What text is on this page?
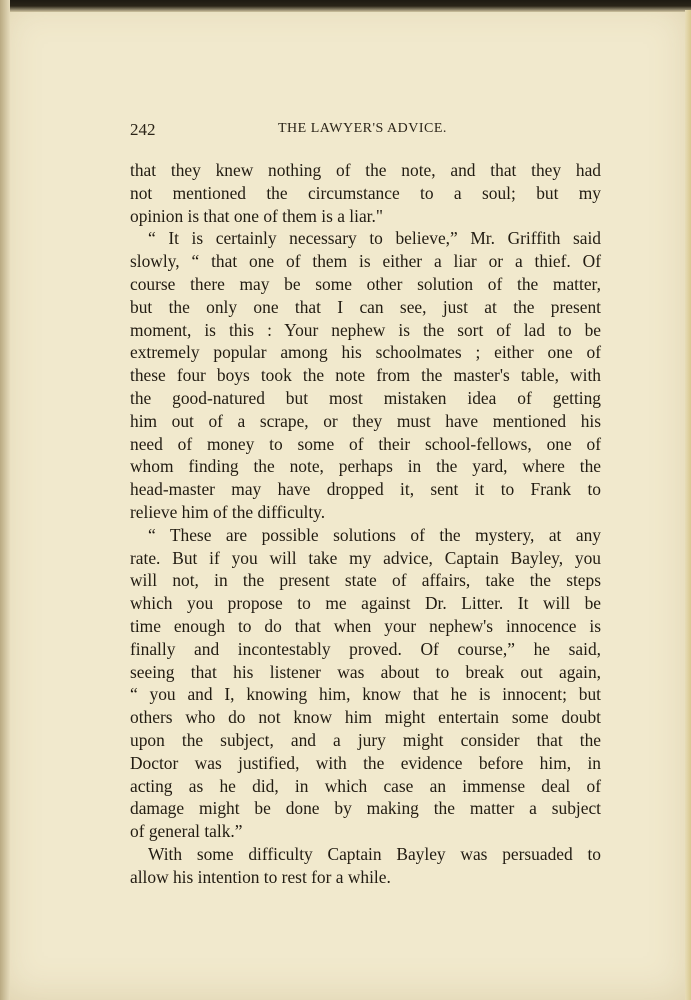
242	THE LAWYER'S ADVICE.
that they knew nothing of the note, and that they had
not mentioned the circumstance to a soul; but my
opinion is that one of them is a liar."
“ It is certainly necessary to believe,” Mr. Griffith said
slowly, “ that one of them is either a liar or a thief. Of
course there may be some other solution of the matter,
but the only one that I can see, just at the present
moment, is this : Your nephew is the sort of lad to be
extremely popular among his schoolmates ; either one of
these four boys took the note from the master's table, with
the good-natured but most mistaken idea of getting
him out of a scrape, or they must have mentioned his
need of money to some of their school-fellows, one of
whom finding the note, perhaps in the yard, where the
head-master may have dropped it, sent it to Frank to
relieve him of the difficulty.
“ These are possible solutions of the mystery, at any
rate. But if you will take my advice, Captain Bayley, you
will not, in the present state of affairs, take the steps
which you propose to me against Dr. Litter. It will be
time enough to do that when your nephew's innocence is
finally and incontestably proved. Of course,” he said,
seeing that his listener was about to break out again,
“ you and I, knowing him, know that he is innocent; but
others who do not know him might entertain some doubt
upon the subject, and a jury might consider that the
Doctor was justified, with the evidence before him, in
acting as he did, in which case an immense deal of
damage might be done by making the matter a subject
of general talk.”
With some difficulty Captain Bayley was persuaded to
allow his intention to rest for a while.
